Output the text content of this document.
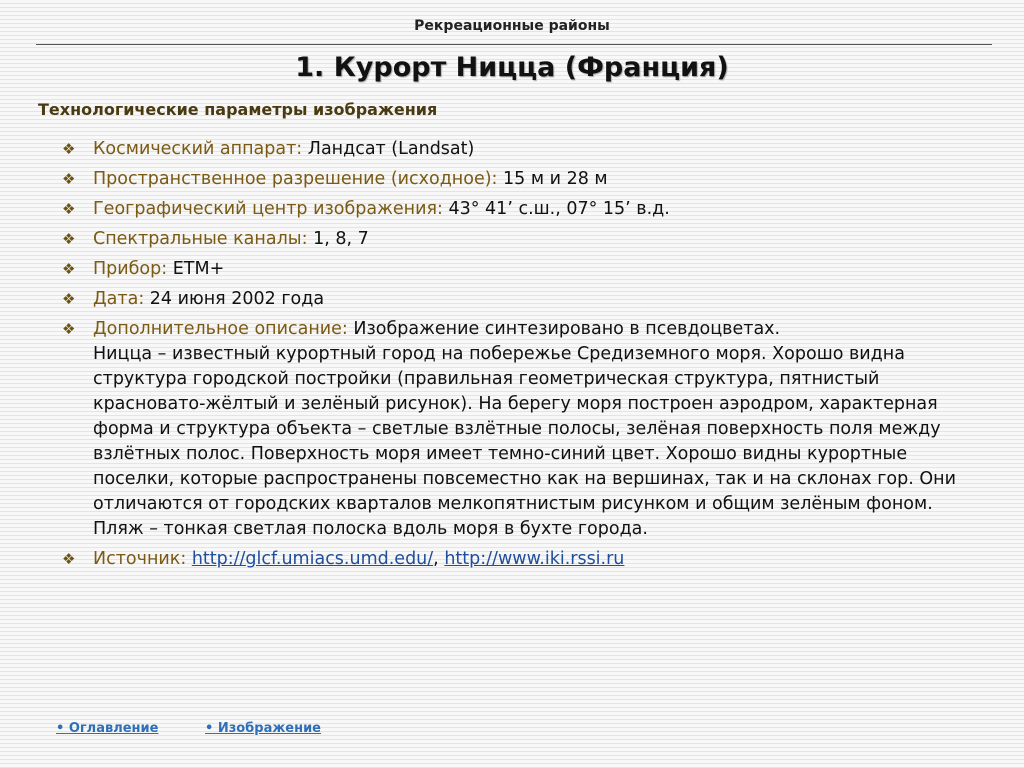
Рекреационные районы
1. Курорт Ницца (Франция)
Технологические параметры изображения
❖ Космический аппарат: Ландсат (Landsat)
❖ Пространственное разрешение (исходное): 15 м и 28 м
❖ Географический центр изображения: 43° 41’ с.ш., 07° 15’ в.д.
❖ Спектральные каналы: 1, 8, 7
❖ Прибор: ETM+
❖ Дата: 24 июня 2002 года
❖ Дополнительное описание: Изображение синтезировано в псевдоцветах.
Ницца – известный курортный город на побережье Средиземного моря. Хорошо видна структура городской постройки (правильная геометрическая структура, пятнистый красновато-жёлтый и зелёный рисунок). На берегу моря построен аэродром, характерная форма и структура объекта – светлые взлётные полосы, зелёная поверхность поля между взлётных полос. Поверхность моря имеет темно-синий цвет. Хорошо видны курортные поселки, которые распространены повсеместно как на вершинах, так и на склонах гор. Они отличаются от городских кварталов мелкопятнистым рисунком и общим зелёным фоном. Пляж – тонкая светлая полоска вдоль моря в бухте города.
❖ Источник: http://glcf.umiacs.umd.edu/, http://www.iki.rssi.ru
• Оглавление	• Изображение
